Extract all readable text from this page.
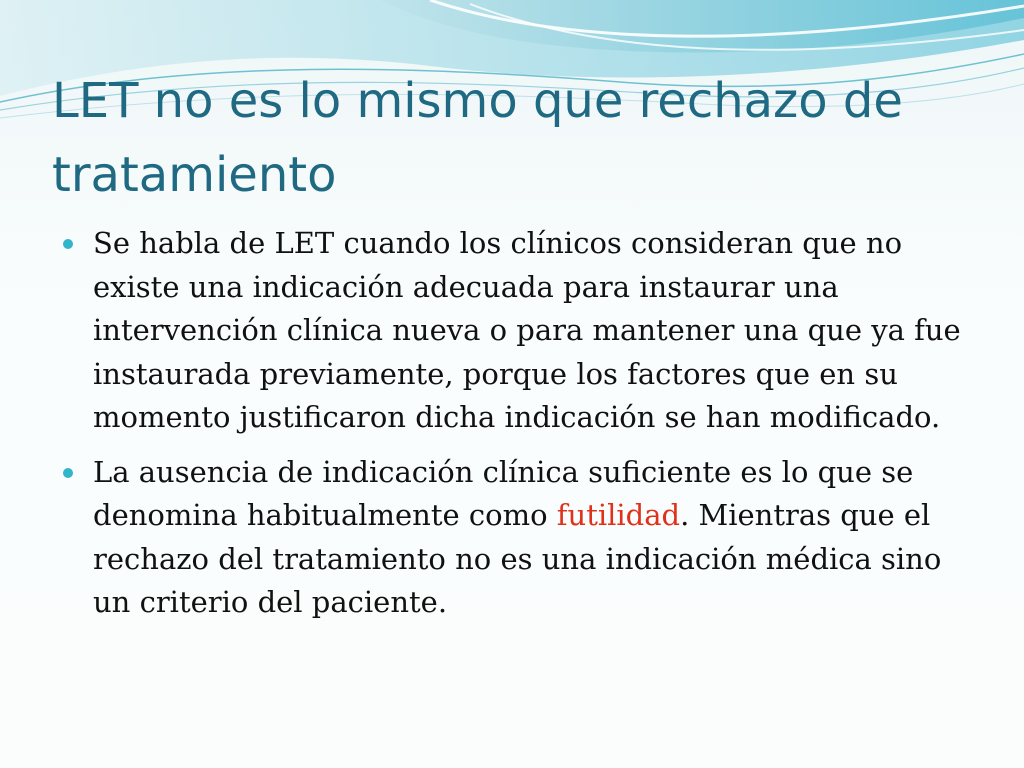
LET no es lo mismo que rechazo de tratamiento
Se habla de LET cuando los clínicos consideran que no existe una indicación adecuada para instaurar una intervención clínica nueva o para mantener una que ya fue instaurada previamente, porque los factores que en su momento justificaron dicha indicación se han modificado.
La ausencia de indicación clínica suficiente es lo que se denomina habitualmente como futilidad. Mientras que el rechazo del tratamiento no es una indicación médica sino un criterio del paciente.
